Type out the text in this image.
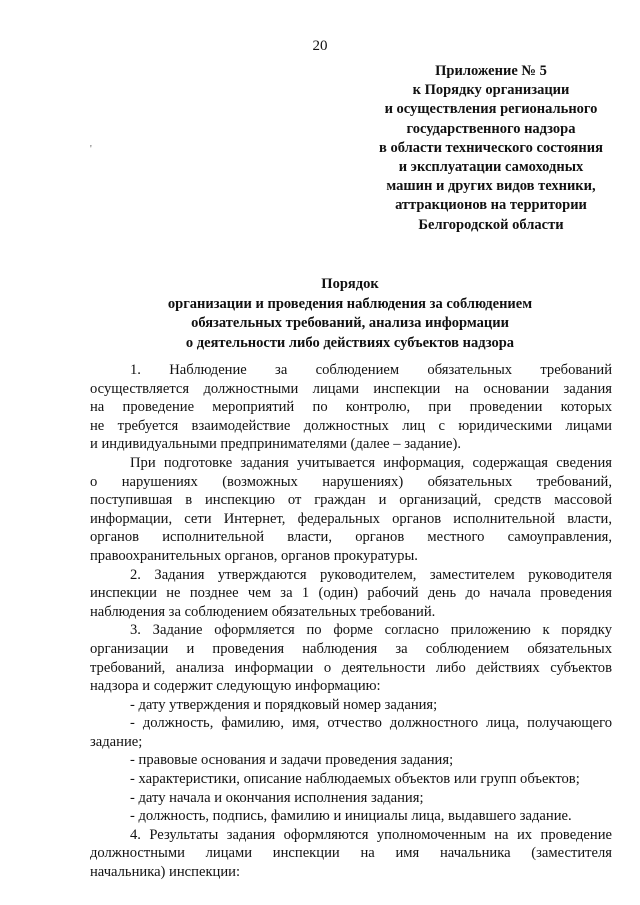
20
Приложение № 5
к Порядку организации
и осуществления регионального
государственного надзора
в области технического состояния
и эксплуатации самоходных
машин и других видов техники,
аттракционов на территории
Белгородской области
'
Порядок
организации и проведения наблюдения за соблюдением
обязательных требований, анализа информации
о деятельности либо действиях субъектов надзора
1. Наблюдение за соблюдением обязательных требований
осуществляется должностными лицами инспекции на основании задания
на проведение мероприятий по контролю, при проведении которых
не требуется взаимодействие должностных лиц с юридическими лицами
и индивидуальными предпринимателями (далее – задание).
При подготовке задания учитывается информация, содержащая сведения
о нарушениях (возможных нарушениях) обязательных требований,
поступившая в инспекцию от граждан и организаций, средств массовой
информации, сети Интернет, федеральных органов исполнительной власти,
органов исполнительной власти, органов местного самоуправления,
правоохранительных органов, органов прокуратуры.
2. Задания утверждаются руководителем, заместителем руководителя
инспекции не позднее чем за 1 (один) рабочий день до начала проведения
наблюдения за соблюдением обязательных требований.
3. Задание оформляется по форме согласно приложению к порядку
организации и проведения наблюдения за соблюдением обязательных
требований, анализа информации о деятельности либо действиях субъектов
надзора и содержит следующую информацию:
- дату утверждения и порядковый номер задания;
- должность, фамилию, имя, отчество должностного лица, получающего
задание;
- правовые основания и задачи проведения задания;
- характеристики, описание наблюдаемых объектов или групп объектов;
- дату начала и окончания исполнения задания;
- должность, подпись, фамилию и инициалы лица, выдавшего задание.
4. Результаты задания оформляются уполномоченным на их проведение
должностными лицами инспекции на имя начальника (заместителя
начальника) инспекции:
